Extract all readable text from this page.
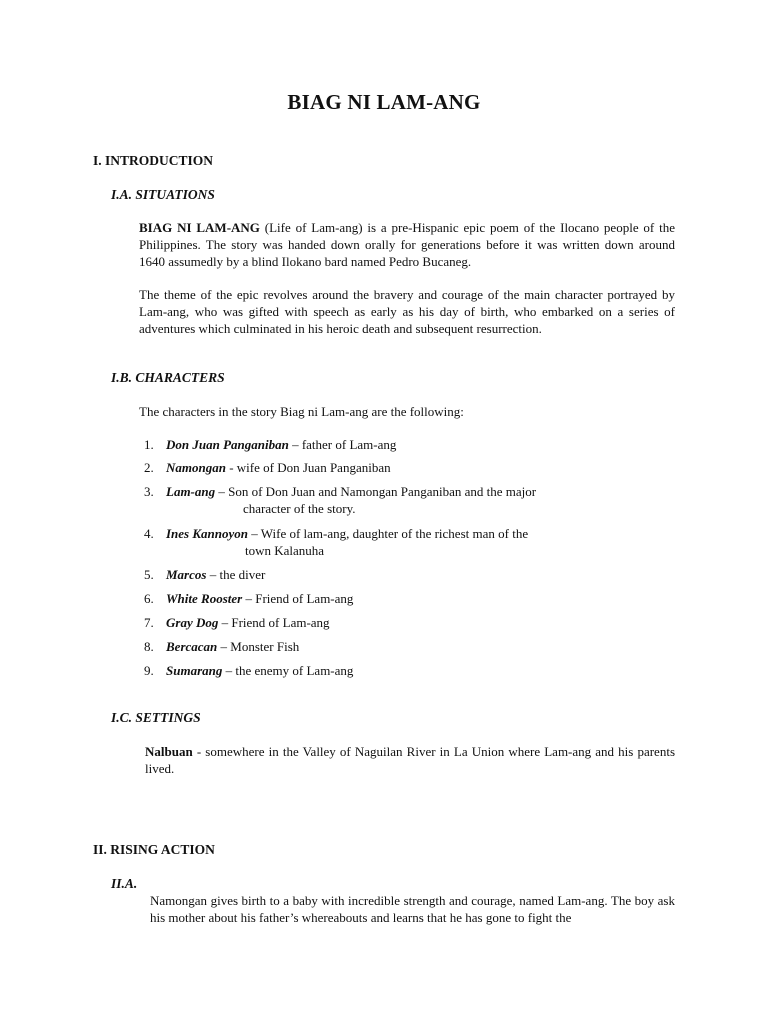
BIAG NI LAM-ANG
I. INTRODUCTION
I.A. SITUATIONS

BIAG NI LAM-ANG (Life of Lam-ang) is a pre-Hispanic epic poem of the Ilocano people of the Philippines. The story was handed down orally for generations before it was written down around 1640 assumedly by a blind Ilokano bard named Pedro Bucaneg.

The theme of the epic revolves around the bravery and courage of the main character portrayed by Lam-ang, who was gifted with speech as early as his day of birth, who embarked on a series of adventures which culminated in his heroic death and subsequent resurrection.

I.B. CHARACTERS

The characters in the story Biag ni Lam-ang are the following:

1. Don Juan Panganiban – father of Lam-ang
2. Namongan - wife of Don Juan Panganiban
3. Lam-ang – Son of Don Juan and Namongan Panganiban and the major
character of the story.
4. Ines Kannoyon – Wife of lam-ang, daughter of the richest man of the
town Kalanuha
5. Marcos – the diver
6. White Rooster – Friend of Lam-ang
7. Gray Dog – Friend of Lam-ang
8. Bercacan – Monster Fish
9. Sumarang – the enemy of Lam-ang
I.C. SETTINGS

Nalbuan - somewhere in the Valley of Naguilan River in La Union where Lam-ang and his parents lived.

II. RISING ACTION
II.A.

Namongan gives birth to a baby with incredible strength and courage, named Lam-ang. The boy ask his mother about his father’s whereabouts and learns that he has gone to fight the
